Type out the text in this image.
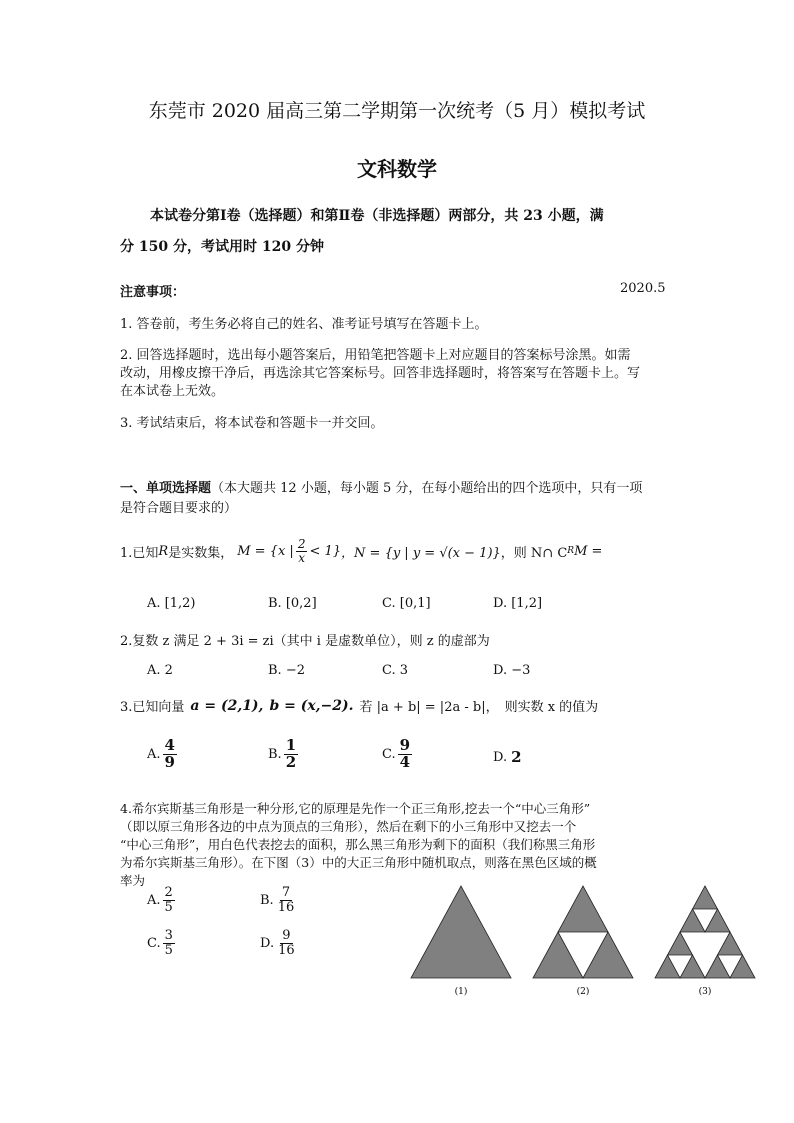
东莞市 2020 届高三第二学期第一次统考（5 月）模拟考试
文科数学
本试卷分第Ⅰ卷（选择题）和第Ⅱ卷（非选择题）两部分，共 23 小题，满
分 150 分，考试用时 120 分钟
注意事项：	2020.5
1. 答卷前，考生务必将自己的姓名、准考证号填写在答题卡上。
2. 回答选择题时，选出每小题答案后，用铅笔把答题卡上对应题目的答案标号涂黑。如需
改动，用橡皮擦干净后，再选涂其它答案标号。回答非选择题时，将答案写在答题卡上。写
在本试卷上无效。
3. 考试结束后，将本试卷和答题卡一并交回。
一、单项选择题（本大题共 12 小题，每小题 5 分，在每小题给出的四个选项中，只有一项
是符合题目要求的）
1.已知 R 是实数集， M = {x | $\frac{2}{x} < 1$} ，N = {y | y = √(x − 1)} ，则 N∩ C R M =
A. [1,2)	B. [0,2]	C. [0,1]	D. [1,2]
2.复数 z 满足 2 + 3i = zi（其中 i 是虚数单位），则 z 的虚部为
A. 2	B. −2	C. 3	D. −3
3.已知向量 a = (2,1), b = (x,−2). 若 |a + b| = |2a - b|， 则实数 x 的值为
A. $\frac{4}{9}$	B. $\frac{1}{2}$	C. $\frac{9}{4}$	D. 2
4.希尔宾斯基三角形是一种分形,它的原理是先作一个正三角形,挖去一个“中心三角形”
（即以原三角形各边的中点为顶点的三角形），然后在剩下的小三角形中又挖去一个
“中心三角形”，用白色代表挖去的面积，那么黑三角形为剩下的面积（我们称黑三角形
为希尔宾斯基三角形）。在下图（3）中的大正三角形中随机取点，则落在黑色区域的概
率为
A. $\frac{2}{5}$	B. $\frac{7}{16}$
C. $\frac{3}{5}$	D. $\frac{9}{16}$
(1)	(2)	(3)
